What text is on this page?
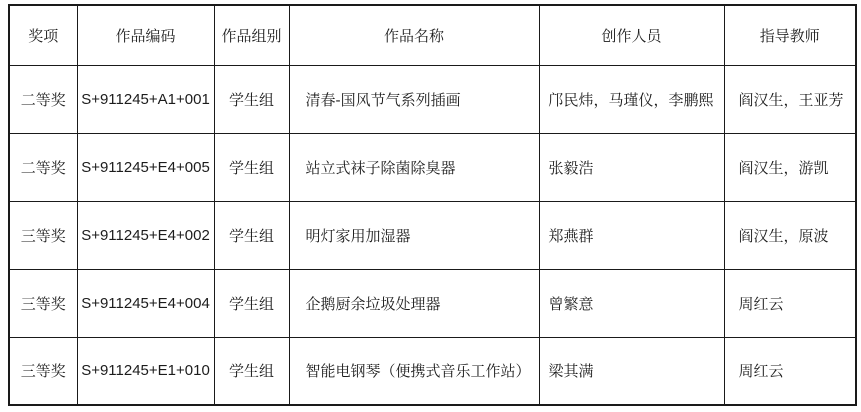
奖项	作品编码	作品组别	作品名称	创作人员	指导教师
二等奖	S+911245+A1+001	学生组	清春-国风节气系列插画	邝民炜，马瑾仪，李鹏熙	阎汉生，王亚芳
二等奖	S+911245+E4+005	学生组	站立式袜子除菌除臭器	张毅浩	阎汉生，游凯
三等奖	S+911245+E4+002	学生组	明灯家用加湿器	郑燕群	阎汉生，原波
三等奖	S+911245+E4+004	学生组	企鹅厨余垃圾处理器	曾繁意	周红云
三等奖	S+911245+E1+010	学生组	智能电钢琴（便携式音乐工作站）	梁其满	周红云
